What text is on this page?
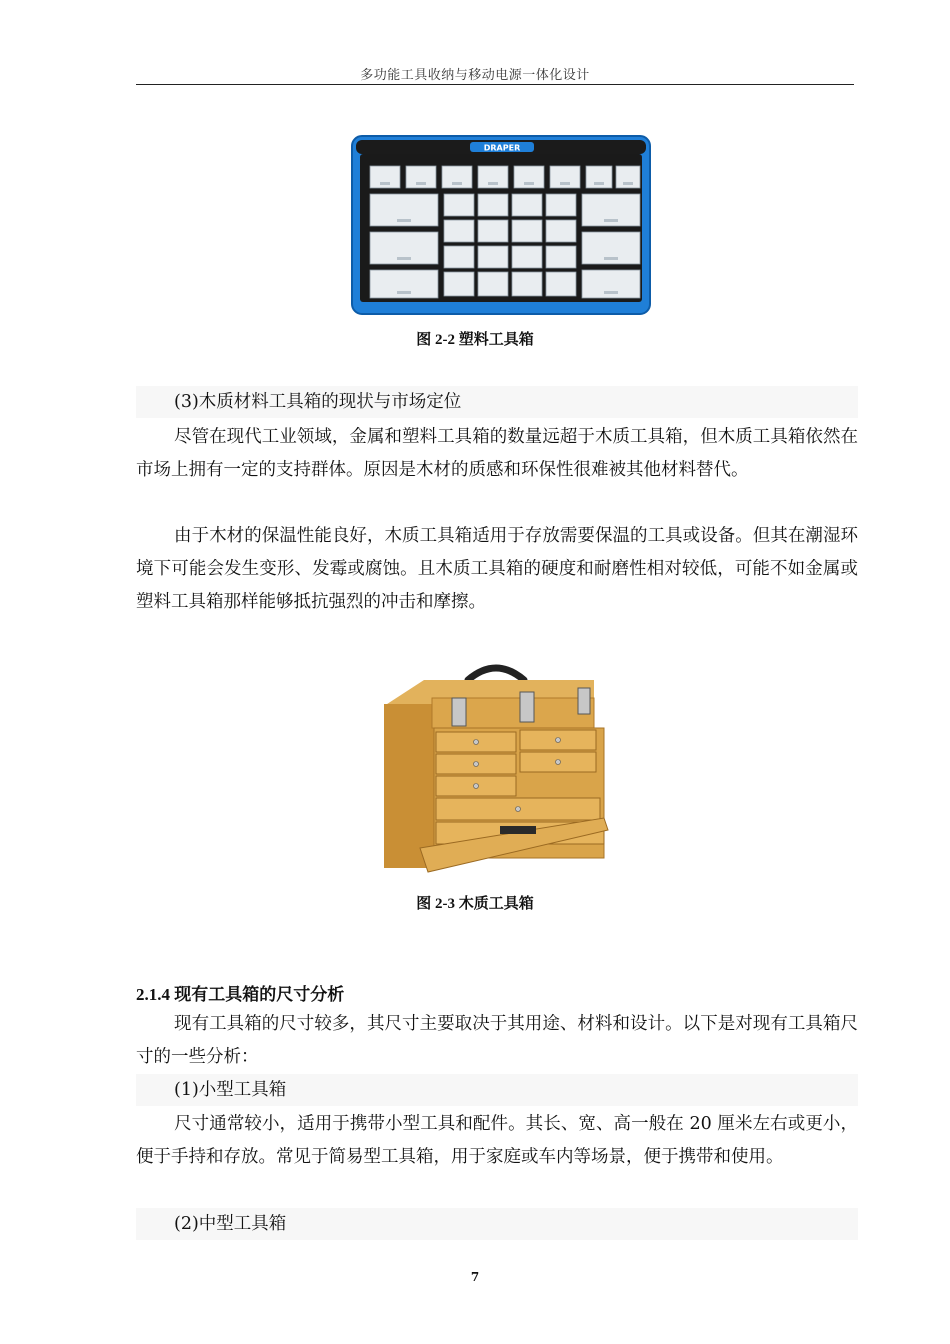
多功能工具收纳与移动电源一体化设计
DRAPER
图 2-2 塑料工具箱
(3)木质材料工具箱的现状与市场定位

尽管在现代工业领域，金属和塑料工具箱的数量远超于木质工具箱，但木质工具箱依然在市场上拥有一定的支持群体。原因是木材的质感和环保性很难被其他材料替代。

由于木材的保温性能良好，木质工具箱适用于存放需要保温的工具或设备。但其在潮湿环境下可能会发生变形、发霉或腐蚀。且木质工具箱的硬度和耐磨性相对较低，可能不如金属或塑料工具箱那样能够抵抗强烈的冲击和摩擦。

图 2-3 木质工具箱
2.1.4 现有工具箱的尺寸分析

现有工具箱的尺寸较多，其尺寸主要取决于其用途、材料和设计。以下是对现有工具箱尺寸的一些分析：

(1)小型工具箱

尺寸通常较小，适用于携带小型工具和配件。其长、宽、高一般在 20 厘米左右或更小，便于手持和存放。常见于简易型工具箱，用于家庭或车内等场景，便于携带和使用。

(2)中型工具箱
7
